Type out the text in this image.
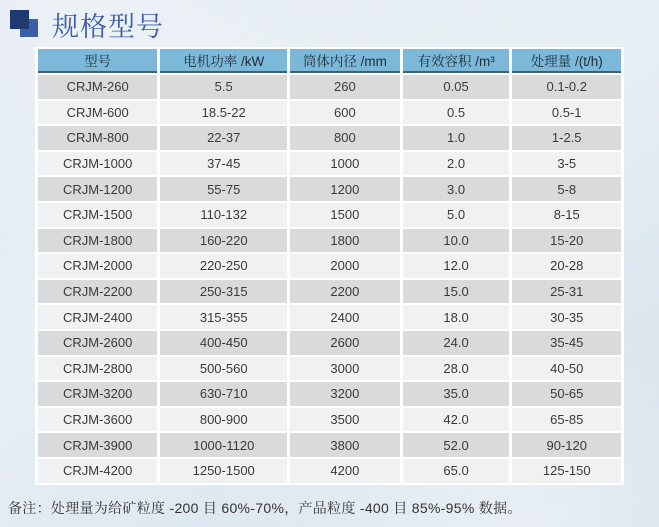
规格型号
型号	电机功率 /kW	筒体内径 /mm	有效容积 /m³	处理量 /(t/h)
CRJM-260	5.5	260	0.05	0.1-0.2
CRJM-600	18.5-22	600	0.5	0.5-1
CRJM-800	22-37	800	1.0	1-2.5
CRJM-1000	37-45	1000	2.0	3-5
CRJM-1200	55-75	1200	3.0	5-8
CRJM-1500	110-132	1500	5.0	8-15
CRJM-1800	160-220	1800	10.0	15-20
CRJM-2000	220-250	2000	12.0	20-28
CRJM-2200	250-315	2200	15.0	25-31
CRJM-2400	315-355	2400	18.0	30-35
CRJM-2600	400-450	2600	24.0	35-45
CRJM-2800	500-560	3000	28.0	40-50
CRJM-3200	630-710	3200	35.0	50-65
CRJM-3600	800-900	3500	42.0	65-85
CRJM-3900	1000-1120	3800	52.0	90-120
CRJM-4200	1250-1500	4200	65.0	125-150
备注：处理量为给矿粒度 -200 目 60%-70%，产品粒度 -400 目 85%-95% 数据。
